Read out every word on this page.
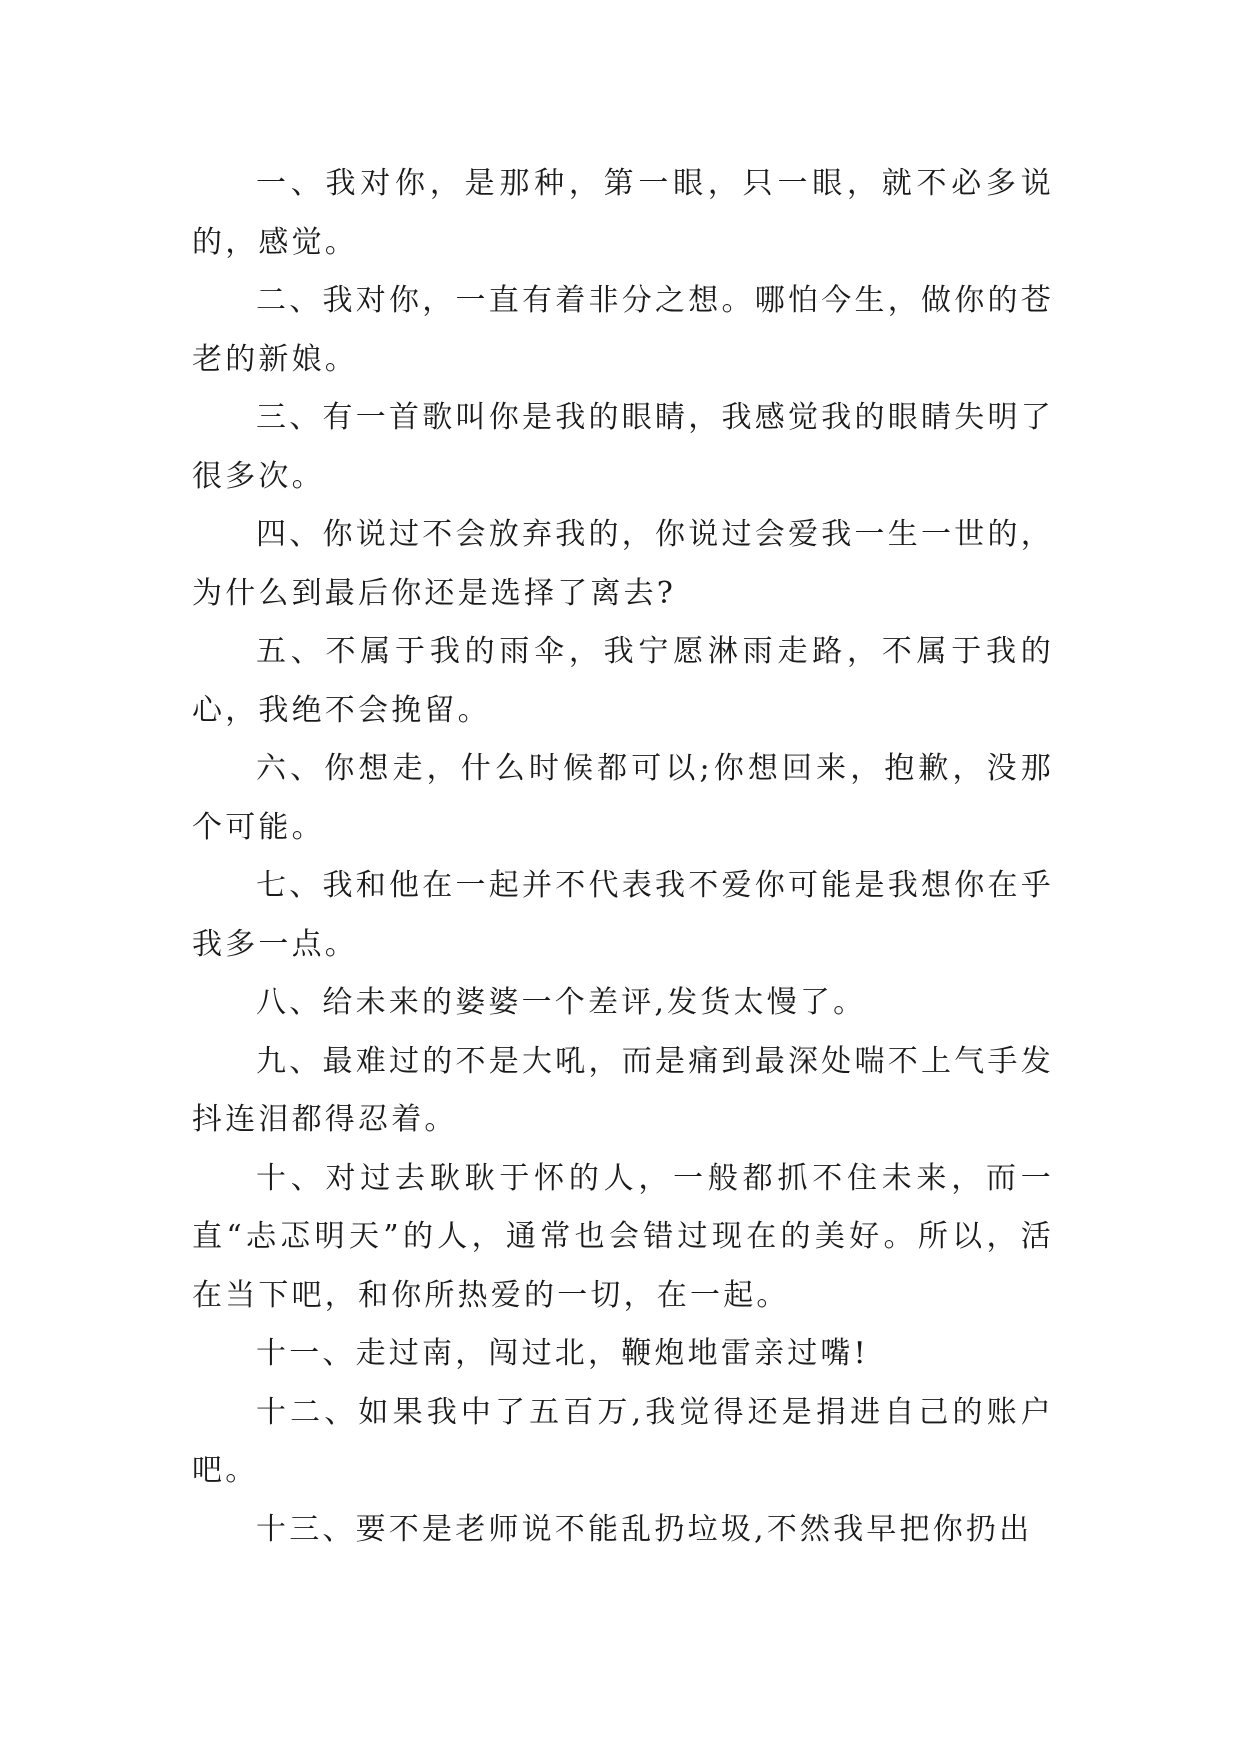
一、我对你，是那种，第一眼，只一眼，就不必多说的，感觉。

二、我对你，一直有着非分之想。哪怕今生，做你的苍老的新娘。

三、有一首歌叫你是我的眼睛，我感觉我的眼睛失明了很多次。

四、你说过不会放弃我的，你说过会爱我一生一世的，为什么到最后你还是选择了离去?

五、不属于我的雨伞，我宁愿淋雨走路，不属于我的心，我绝不会挽留。

六、你想走，什么时候都可以;你想回来，抱歉，没那个可能。

七、我和他在一起并不代表我不爱你可能是我想你在乎我多一点。

八、给未来的婆婆一个差评,发货太慢了。

九、最难过的不是大吼，而是痛到最深处喘不上气手发抖连泪都得忍着。

十、对过去耿耿于怀的人，一般都抓不住未来，而一直“忐忑明天”的人，通常也会错过现在的美好。所以，活在当下吧，和你所热爱的一切，在一起。

十一、走过南，闯过北，鞭炮地雷亲过嘴!

十二、如果我中了五百万,我觉得还是捐进自己的账户吧。

十三、要不是老师说不能乱扔垃圾,不然我早把你扔出
